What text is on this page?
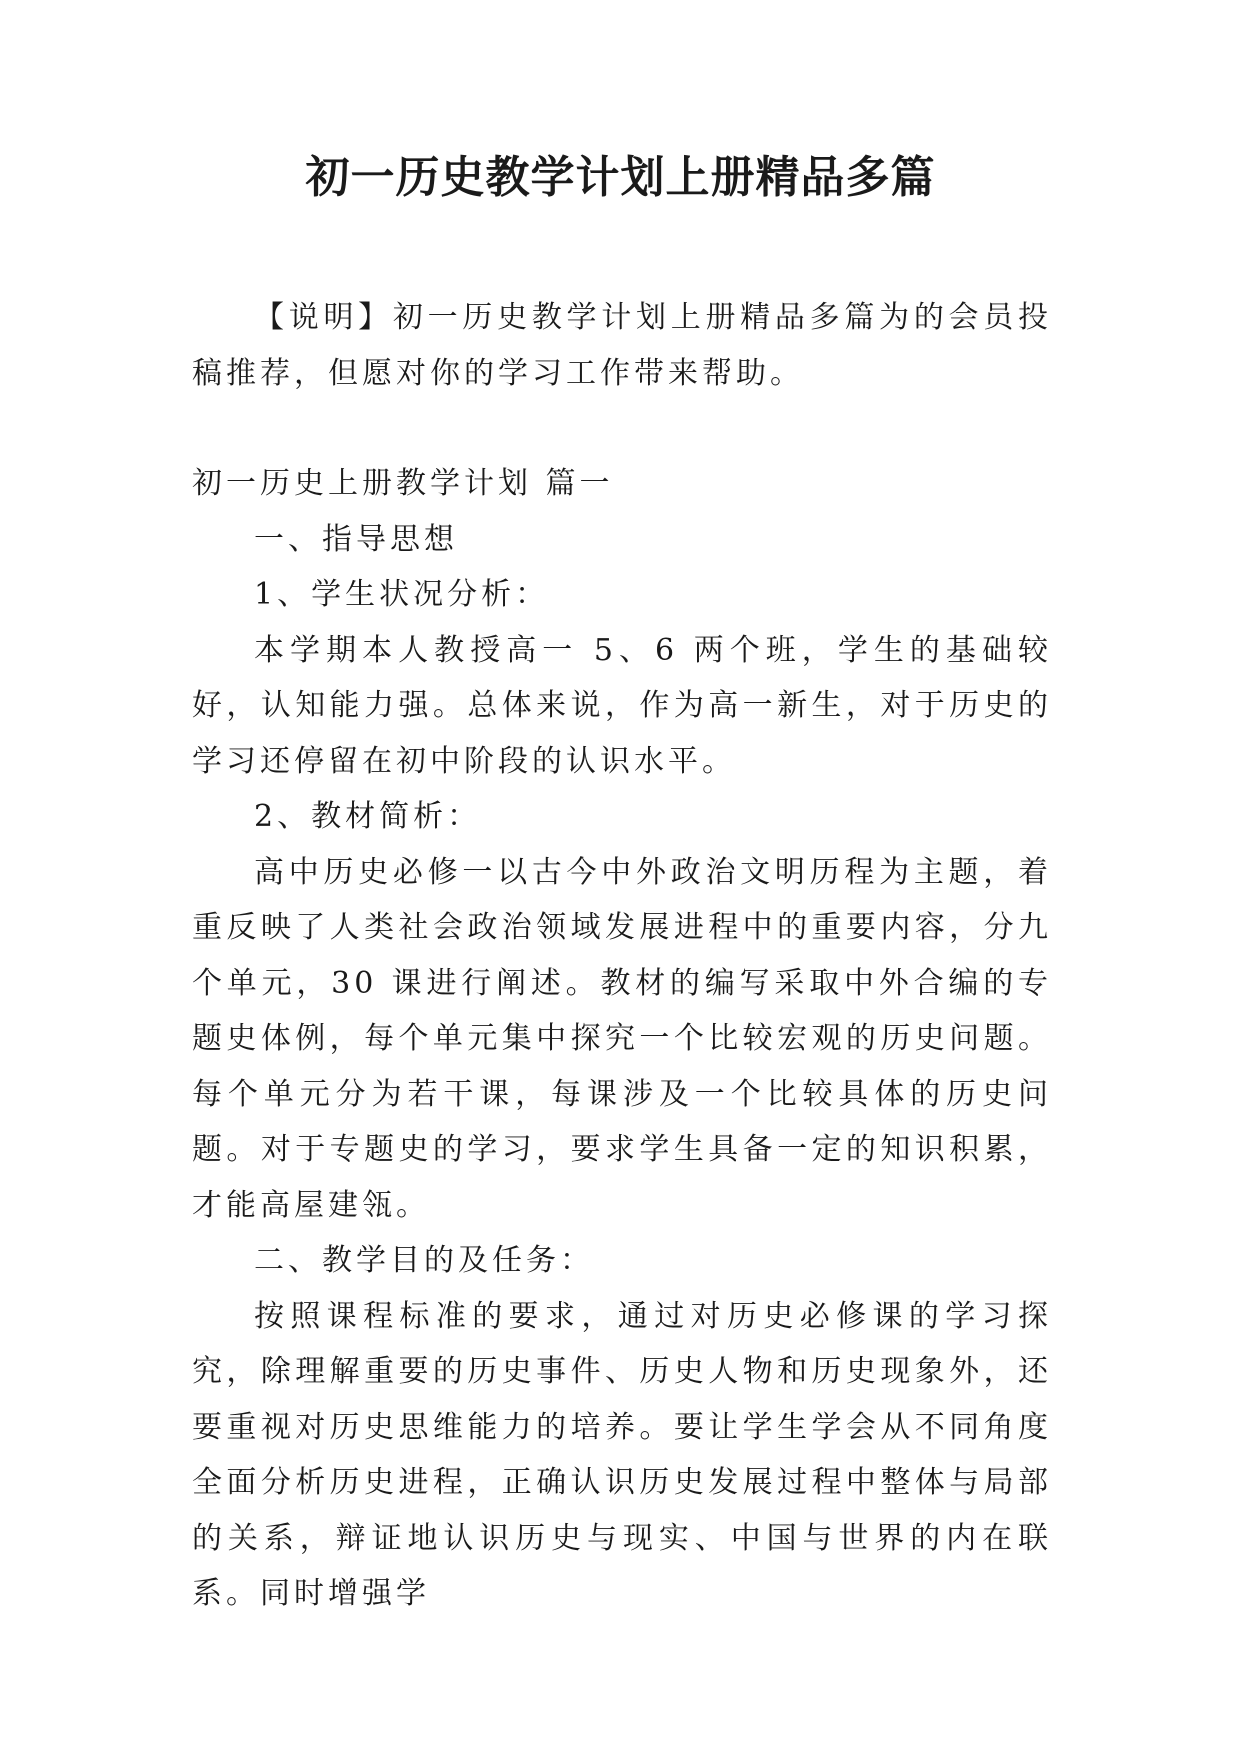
初一历史教学计划上册精品多篇

【说明】初一历史教学计划上册精品多篇为的会员投稿推荐，但愿对你的学习工作带来帮助。

初一历史上册教学计划 篇一

一、指导思想

1、学生状况分析：

本学期本人教授高一 5、6 两个班，学生的基础较好，认知能力强。总体来说，作为高一新生，对于历史的学习还停留在初中阶段的认识水平。

2、教材简析：

高中历史必修一以古今中外政治文明历程为主题，着重反映了人类社会政治领域发展进程中的重要内容，分九个单元，30 课进行阐述。教材的编写采取中外合编的专题史体例，每个单元集中探究一个比较宏观的历史问题。每个单元分为若干课，每课涉及一个比较具体的历史问题。对于专题史的学习，要求学生具备一定的知识积累，才能高屋建瓴。

二、教学目的及任务：

按照课程标准的要求，通过对历史必修课的学习探究，除理解重要的历史事件、历史人物和历史现象外，还要重视对历史思维能力的培养。要让学生学会从不同角度全面分析历史进程，正确认识历史发展过程中整体与局部的关系，辩证地认识历史与现实、中国与世界的内在联系。同时增强学
